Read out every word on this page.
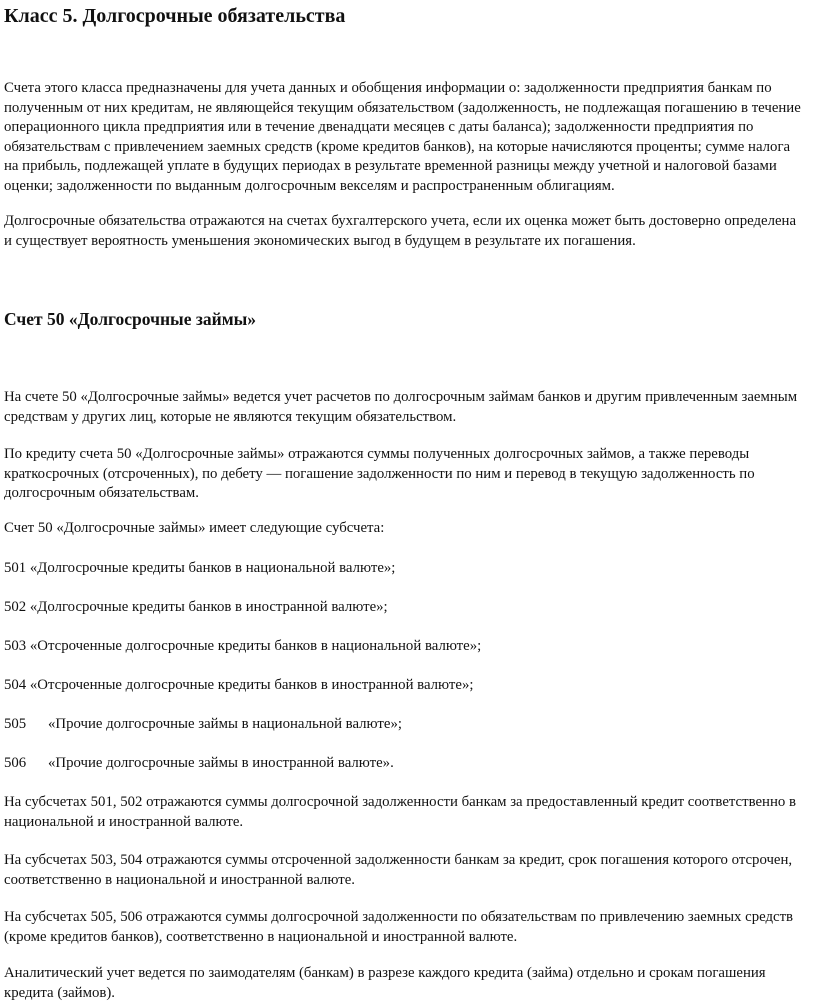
Класс 5. Долгосрочные обязательства

Счета этого класса предназначены для учета данных и обобщения информации о: задолженности предприятия банкам по полученным от них кредитам, не являющейся текущим обязательством (задолженность, не подлежащая погашению в течение операционного цикла предприятия или в течение двенадцати месяцев с даты баланса); задолженности предприятия по обязательствам с привлечением заемных средств (кроме кредитов банков), на которые начисляются проценты; сумме налога на прибыль, подлежащей уплате в будущих периодах в результате временной разницы между учетной и налоговой базами оценки; задолженности по выданным долгосрочным векселям и распространенным облигациям.

Долгосрочные обязательства отражаются на счетах бухгалтерского учета, если их оценка может быть достоверно определена и существует вероятность уменьшения экономических выгод в будущем в результате их погашения.

Счет 50 «Долгосрочные займы»

На счете 50 «Долгосрочные займы» ведется учет расчетов по долгосрочным займам банков и другим привлеченным заемным средствам у других лиц, которые не являются текущим обязательством.

По кредиту счета 50 «Долгосрочные займы» отражаются суммы полученных долгосрочных займов, а также переводы краткосрочных (отсроченных), по дебету — погашение задолженности по ним и перевод в текущую задолженность по долгосрочным обязательствам.

Счет 50 «Долгосрочные займы» имеет следующие субсчета:

501 «Долгосрочные кредиты банков в национальной валюте»;

502 «Долгосрочные кредиты банков в иностранной валюте»;

503 «Отсроченные долгосрочные кредиты банков в национальной валюте»;

504 «Отсроченные долгосрочные кредиты банков в иностранной валюте»;

505 «Прочие долгосрочные займы в национальной валюте»;

506 «Прочие долгосрочные займы в иностранной валюте».

На субсчетах 501, 502 отражаются суммы долгосрочной задолженности банкам за предоставленный кредит соответственно в национальной и иностранной валюте.

На субсчетах 503, 504 отражаются суммы отсроченной задолженности банкам за кредит, срок погашения которого отсрочен, соответственно в национальной и иностранной валюте.

На субсчетах 505, 506 отражаются суммы долгосрочной задолженности по обязательствам по привлечению заемных средств (кроме кредитов банков), соответственно в национальной и иностранной валюте.

Аналитический учет ведется по заимодателям (банкам) в разрезе каждого кредита (займа) отдельно и срокам погашения кредита (займов).
